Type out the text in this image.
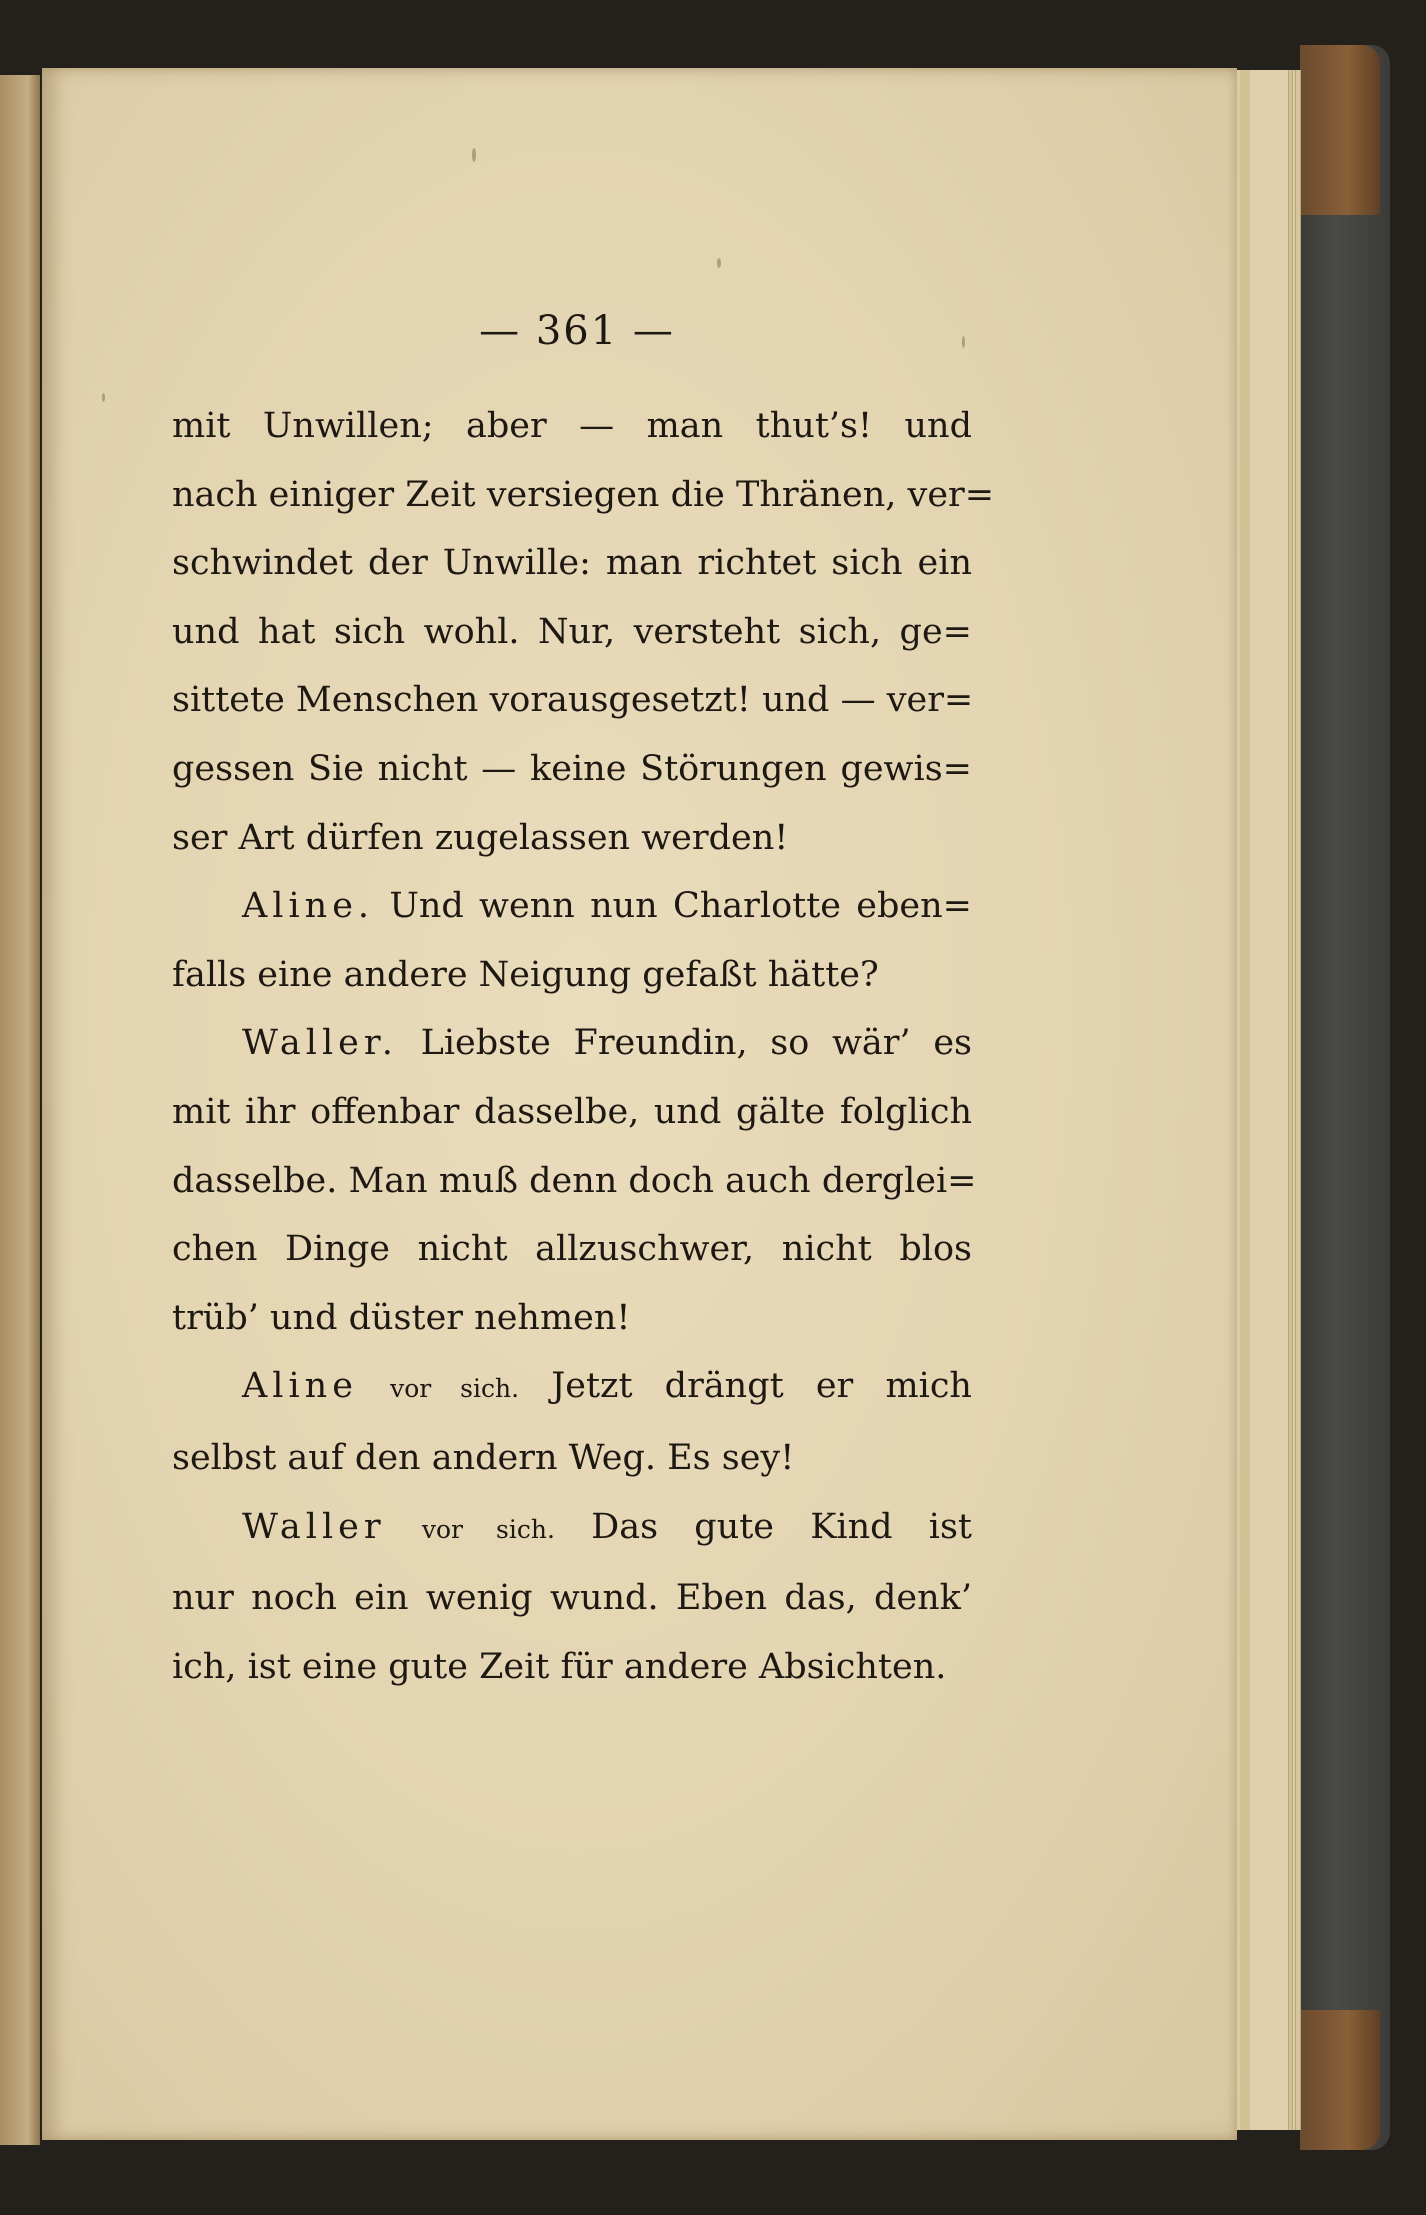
— 361 —
mit Unwillen; aber — man thut’s! und
nach einiger Zeit versiegen die Thränen, ver=
schwindet der Unwille: man richtet sich ein
und hat sich wohl. Nur, versteht sich, ge=
sittete Menschen vorausgesetzt! und — ver=
gessen Sie nicht — keine Störungen gewis=
ser Art dürfen zugelassen werden!
Aline. Und wenn nun Charlotte eben=
falls eine andere Neigung gefaßt hätte?
Waller. Liebste Freundin, so wär’ es
mit ihr offenbar dasselbe, und gälte folglich
dasselbe. Man muß denn doch auch derglei=
chen Dinge nicht allzuschwer, nicht blos
trüb’ und düster nehmen!
Aline vor sich. Jetzt drängt er mich
selbst auf den andern Weg. Es sey!
Waller vor sich. Das gute Kind ist
nur noch ein wenig wund. Eben das, denk’
ich, ist eine gute Zeit für andere Absichten.
